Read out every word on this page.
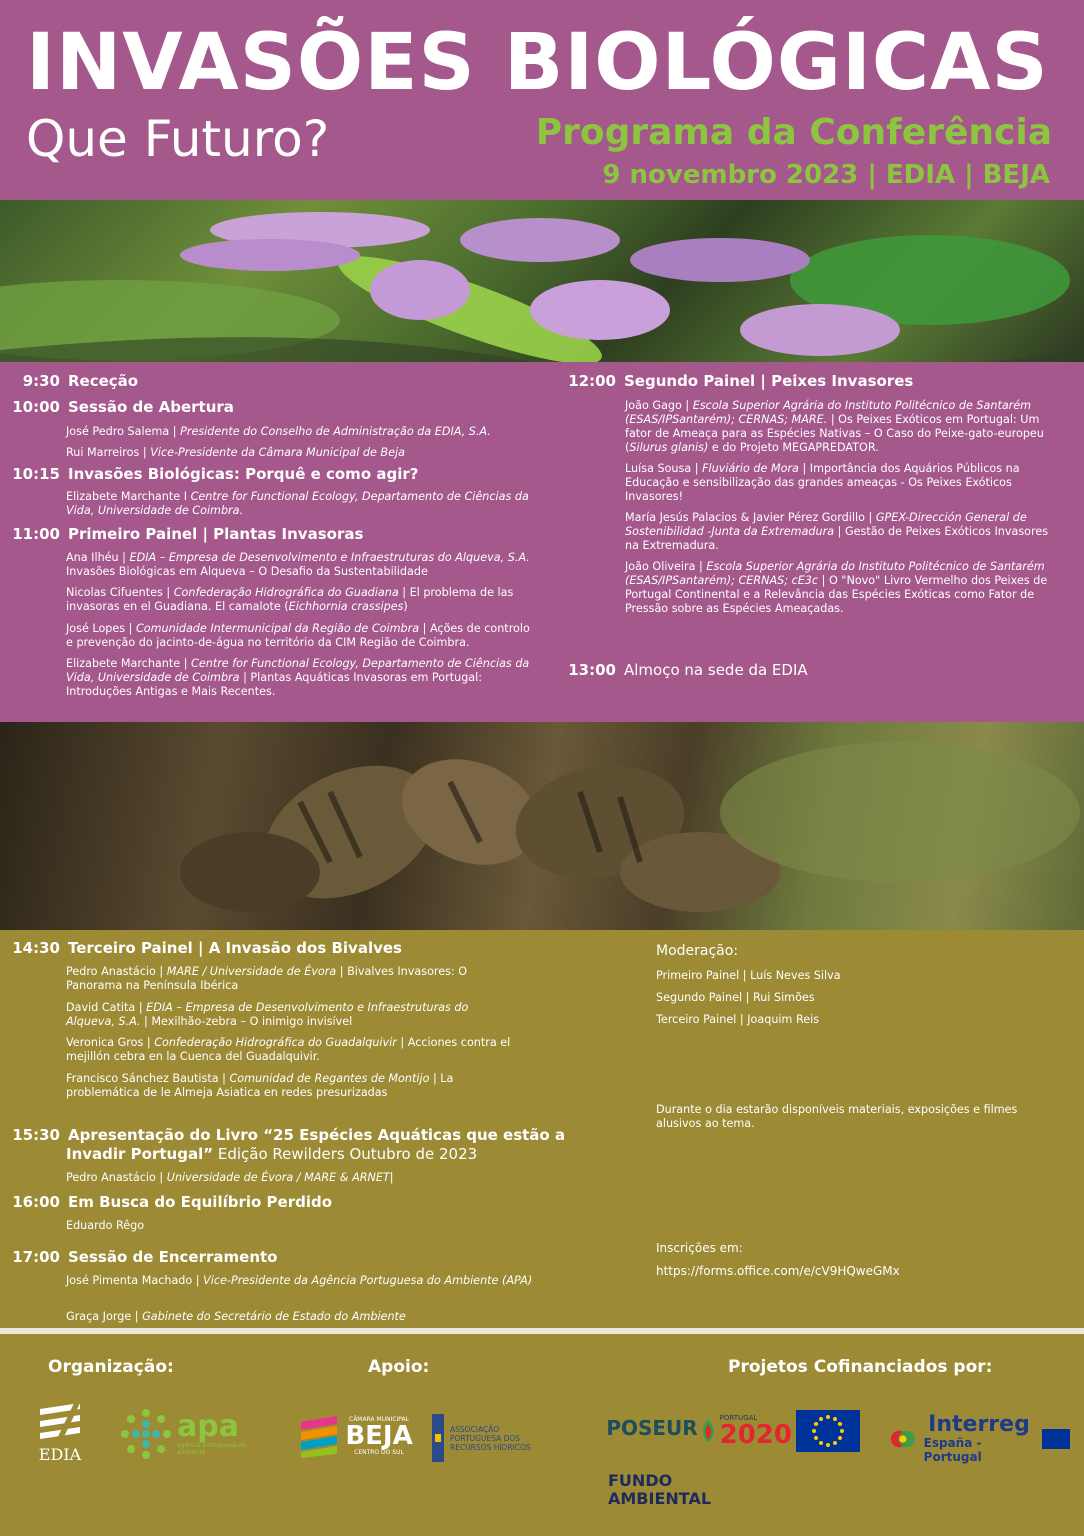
INVASÕES BIOLÓGICAS
Que Futuro?	Programa da Conferência
9 novembro 2023 | EDIA | BEJA
9:30 Receção
10:00 Sessão de Abertura
José Pedro Salema | Presidente do Conselho de Administração da EDIA, S.A.
Rui Marreiros | Vice-Presidente da Câmara Municipal de Beja
10:15 Invasões Biológicas: Porquê e como agir?
Elizabete Marchante I Centre for Functional Ecology, Departamento de Ciências da Vida, Universidade de Coimbra.
11:00 Primeiro Painel | Plantas Invasoras
Ana Ilhéu | EDIA – Empresa de Desenvolvimento e Infraestruturas do Alqueva, S.A.
Invasões Biológicas em Alqueva – O Desafio da Sustentabilidade
Nicolas Cifuentes | Confederação Hidrográfica do Guadiana | El problema de las invasoras en el Guadiana. El camalote (Eichhornia crassipes)
José Lopes | Comunidade Intermunicipal da Região de Coimbra | Ações de controlo e prevenção do jacinto-de-água no território da CIM Região de Coimbra.
Elizabete Marchante | Centre for Functional Ecology, Departamento de Ciências da Vida, Universidade de Coimbra | Plantas Aquáticas Invasoras em Portugal: Introduções Antigas e Mais Recentes.
12:00 Segundo Painel | Peixes Invasores
João Gago | Escola Superior Agrária do Instituto Politécnico de Santarém (ESAS/IPSantarém); CERNAS; MARE. | Os Peixes Exóticos em Portugal: Um fator de Ameaça para as Espécies Nativas – O Caso do Peixe-gato-europeu (Silurus glanis) e do Projeto MEGAPREDATOR.
Luísa Sousa | Fluviário de Mora | Importância dos Aquários Públicos na Educação e sensibilização das grandes ameaças - Os Peixes Exóticos Invasores!
María Jesús Palacios & Javier Pérez Gordillo | GPEX-Dirección General de Sostenibilidad -Junta da Extremadura | Gestão de Peixes Exóticos Invasores na Extremadura.
João Oliveira | Escola Superior Agrária do Instituto Politécnico de Santarém (ESAS/IPSantarém); CERNAS; cE3c | O "Novo" Livro Vermelho dos Peixes de Portugal Continental e a Relevância das Espécies Exóticas como Fator de Pressão sobre as Espécies Ameaçadas.
13:00 Almoço na sede da EDIA
14:30 Terceiro Painel | A Invasão dos Bivalves
Pedro Anastácio | MARE / Universidade de Évora | Bivalves Invasores: O Panorama na Península Ibérica
David Catita | EDIA – Empresa de Desenvolvimento e Infraestruturas do Alqueva, S.A. | Mexilhão-zebra – O inimigo invisível
Veronica Gros | Confederação Hidrográfica do Guadalquivir | Acciones contra el mejillón cebra en la Cuenca del Guadalquivir.
Francisco Sánchez Bautista | Comunidad de Regantes de Montijo | La problemática de le Almeja Asiatica en redes presurizadas
15:30 Apresentação do Livro “25 Espécies Aquáticas que estão a
Invadir Portugal” Edição Rewilders Outubro de 2023
Pedro Anastácio | Universidade de Évora / MARE & ARNET|
16:00 Em Busca do Equilíbrio Perdido
Eduardo Rêgo
17:00 Sessão de Encerramento
José Pimenta Machado | Vice-Presidente da Agência Portuguesa do Ambiente (APA)
Graça Jorge | Gabinete do Secretário de Estado do Ambiente
Moderação:
Primeiro Painel | Luís Neves Silva
Segundo Painel | Rui Simões
Terceiro Painel | Joaquim Reis
Durante o dia estarão disponíveis materiais, exposições e filmes alusivos ao tema.
Inscrições em:
https://forms.office.com/e/cV9HQweGMx
Organização:	Apoio:	Projetos Cofinanciados por:
EDIA
apa
agência portuguesa do ambiente
CÂMARA MUNICIPAL
BEJA
CENTRO DO SUL
ASSOCIAÇÃO PORTUGUESA DOS RECURSOS HÍDRICOS
POSEUR	PORTUGAL
2020	Interreg
España - Portugal
FUNDO
AMBIENTAL
